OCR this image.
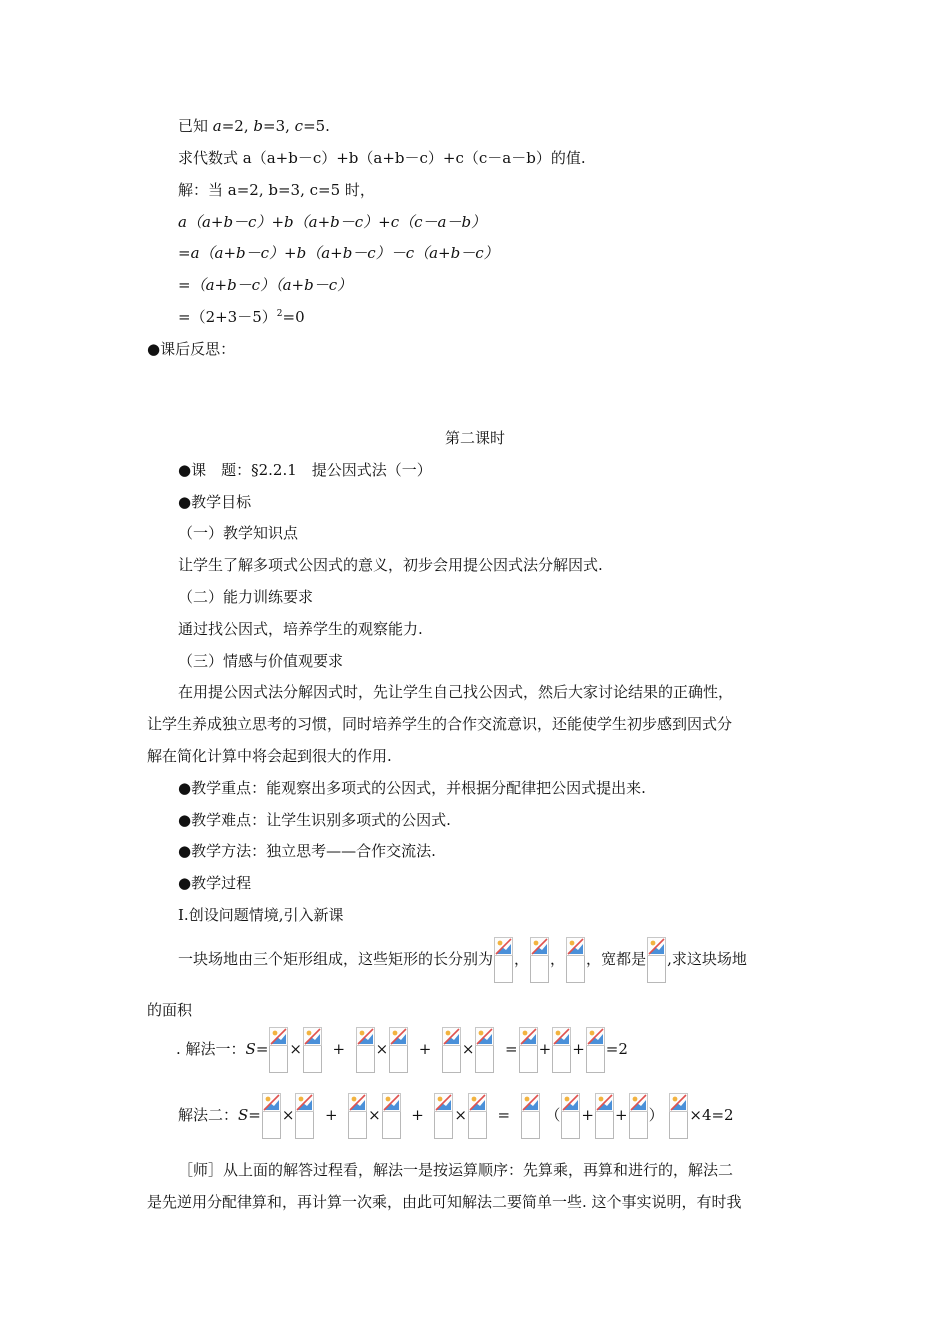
已知 a=2, b=3, c=5.
求代数式 a（a+b－c）+b（a+b－c）+c（c－a－b）的值.
解：当 a=2, b=3, c=5 时，
a（a+b－c）+b（a+b－c）+c（c－a－b）
=a（a+b－c）+b（a+b－c）－c（a+b－c）
=（a+b－c）（a+b－c）
$=(2+3-5)^2=0$
● 课后反思：
第二课时
● 课　题：§2.2.1　提公因式法（一）
● 教学目标
（一）教学知识点
让学生了解多项式公因式的意义，初步会用提公因式法分解因式.
（二）能力训练要求
通过找公因式，培养学生的观察能力.
（三）情感与价值观要求
在用提公因式法分解因式时，先让学生自己找公因式，然后大家讨论结果的正确性，
让学生养成独立思考的习惯，同时培养学生的合作交流意识，还能使学生初步感到因式分
解在简化计算中将会起到很大的作用.
● 教学重点：能观察出多项式的公因式，并根据分配律把公因式提出来.
● 教学难点：让学生识别多项式的公因式.
● 教学方法：独立思考——合作交流法.
● 教学过程
Ⅰ.创设问题情境,引入新课
一块场地由三个矩形组成，这些矩形的长分别为 ， ， ，宽都是 ,求这块场地
的面积
. 解法一：S= × + × + × = + + =2
解法二：S= × + × + × = （ + + ） ×4=2
［师］从上面的解答过程看，解法一是按运算顺序：先算乘，再算和进行的，解法二
是先逆用分配律算和，再计算一次乘，由此可知解法二要简单一些. 这个事实说明，有时我
